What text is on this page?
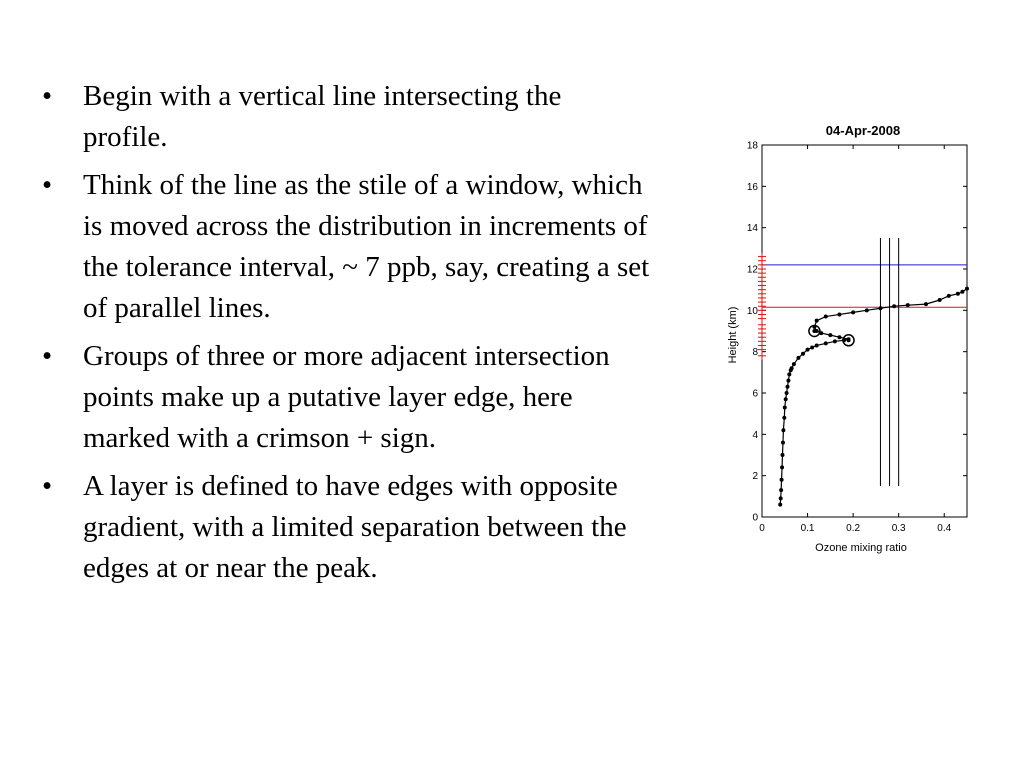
• Begin with a vertical line intersecting the profile.
• Think of the line as the stile of a window, which is moved across the distribution in increments of the tolerance interval, ~ 7 ppb, say, creating a set of parallel lines.
• Groups of three or more adjacent intersection points make up a putative layer edge, here marked with a crimson + sign.
• A layer is defined to have edges with opposite gradient, with a limited separation between the edges at or near the peak.
04-Apr-2008
Height (km)
Ozone mixing ratio
0	0.1	0.2	0.3	0.4
0
2
4
6
8
10
12
14
16
18
